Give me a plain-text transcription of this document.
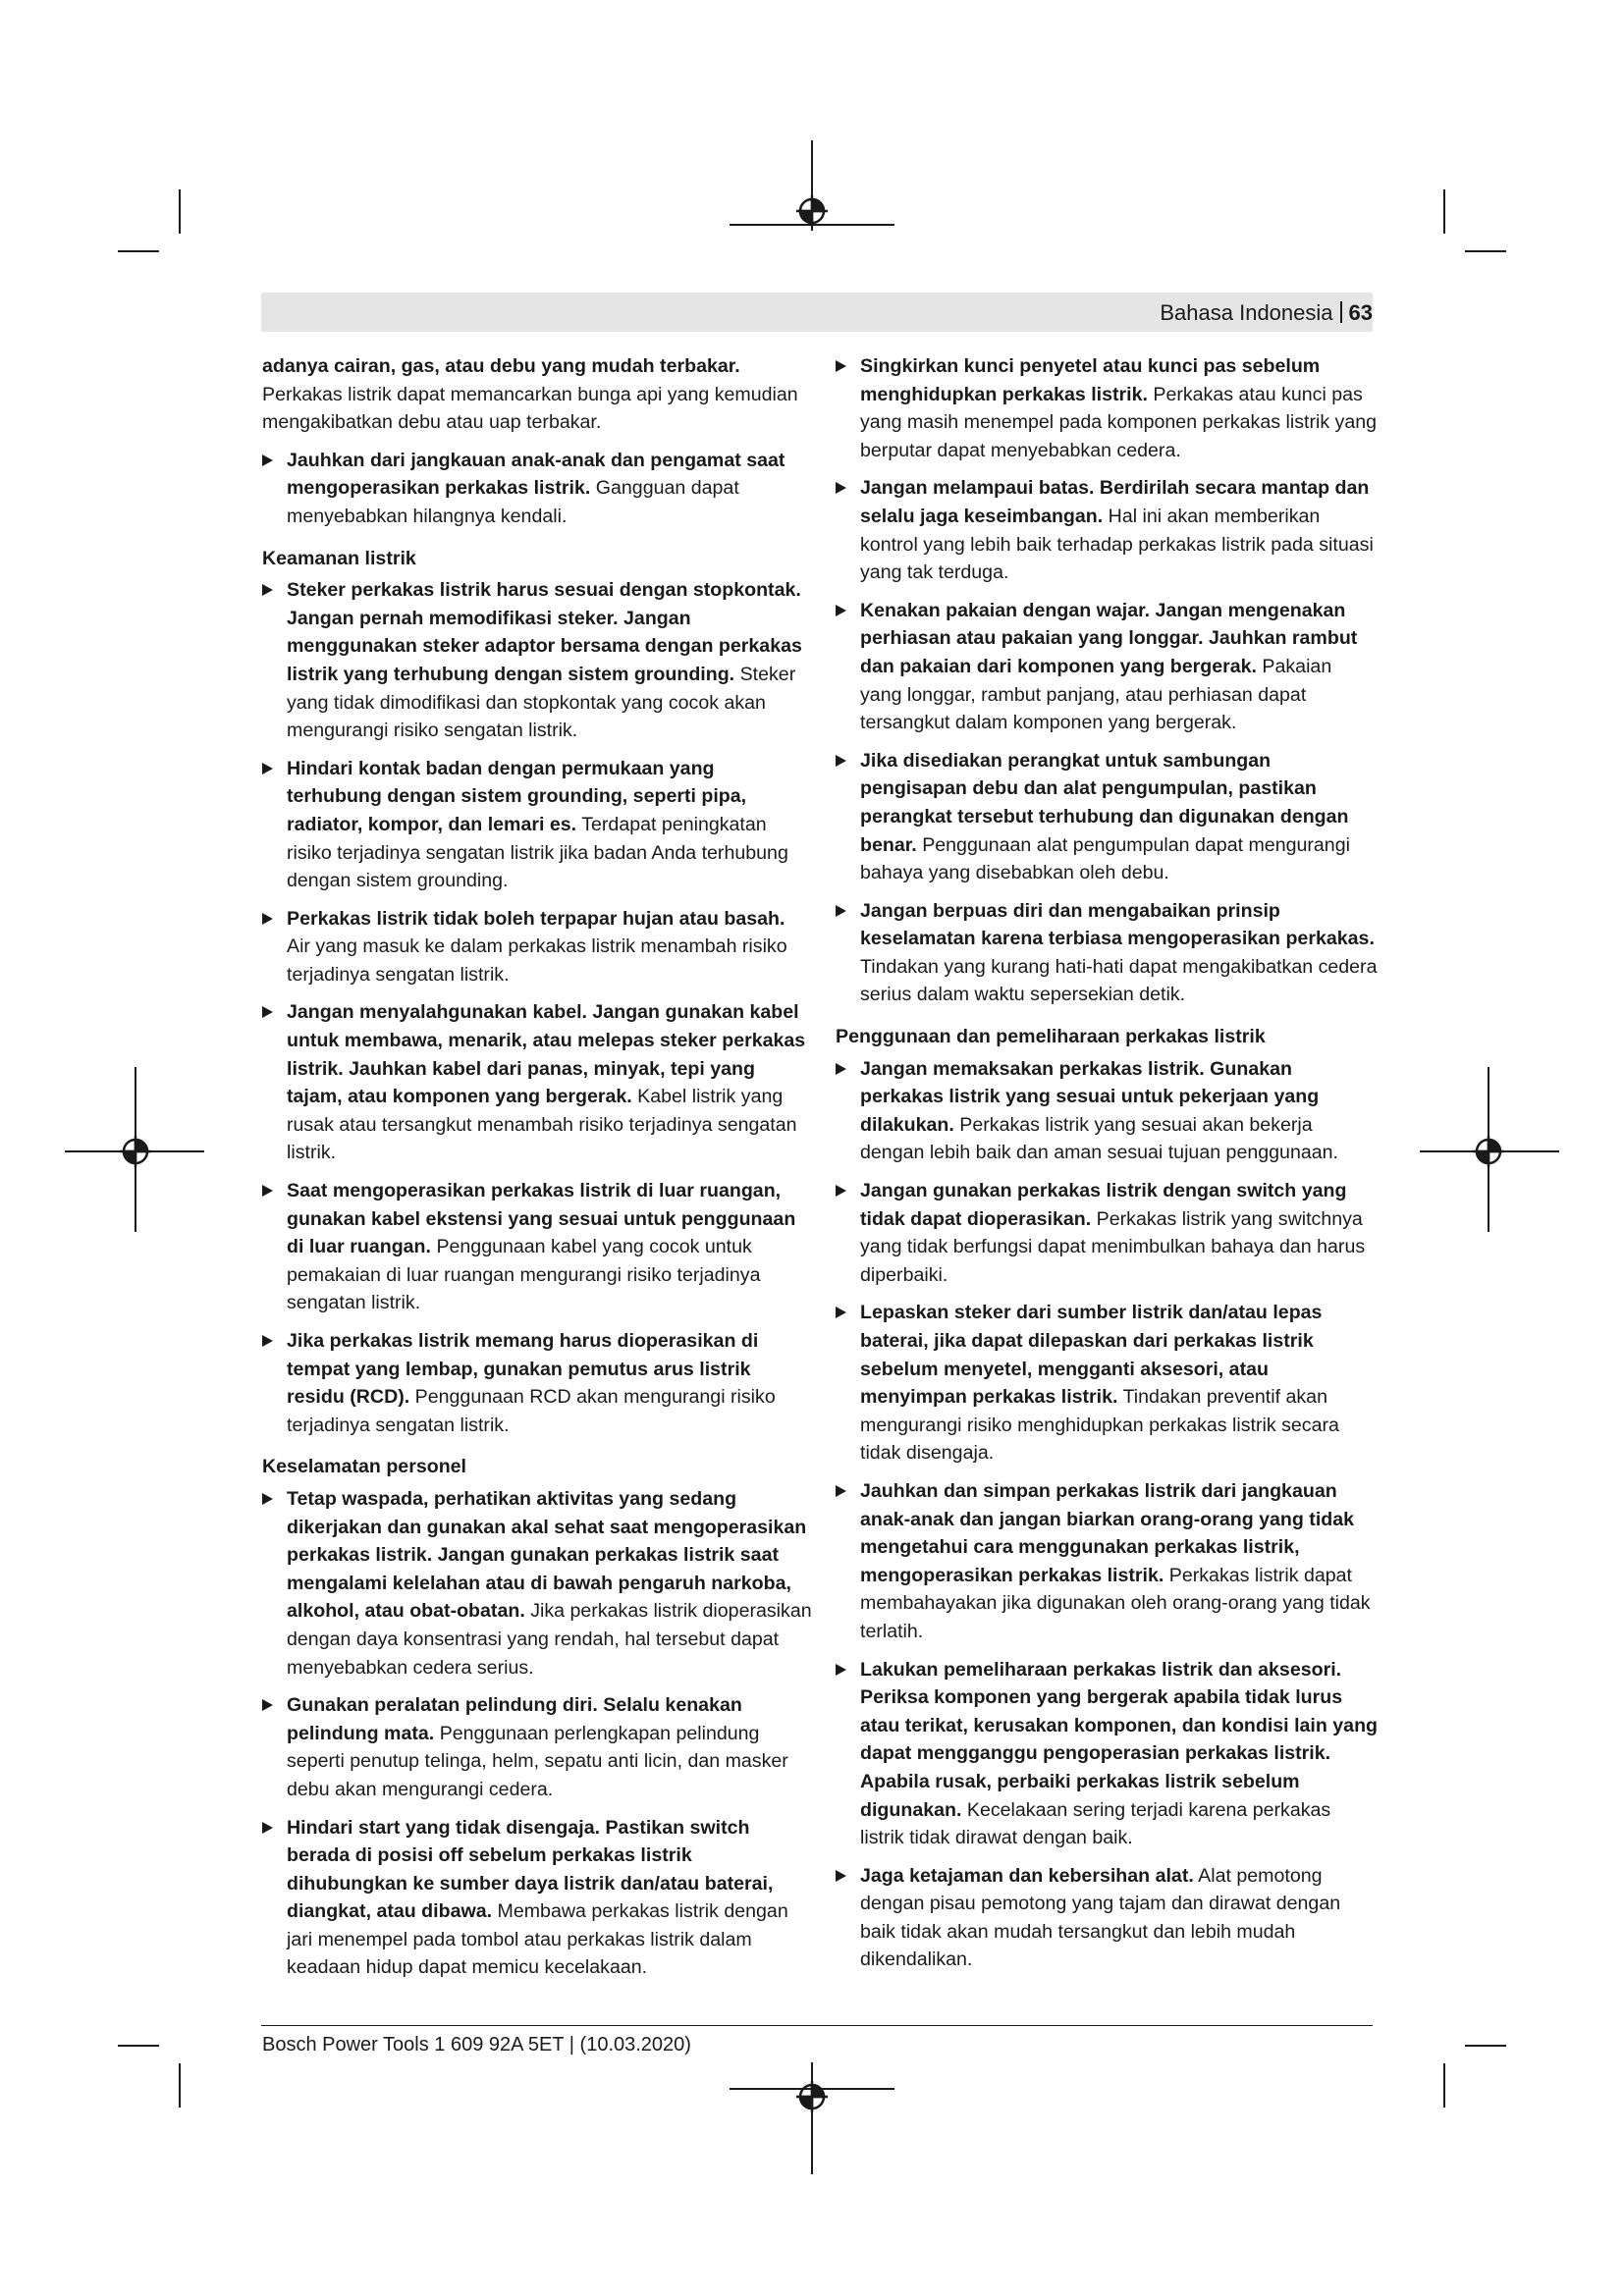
Bahasa Indonesia 63
adanya cairan, gas, atau debu yang mudah terbakar. Perkakas listrik dapat memancarkan bunga api yang kemudian mengakibatkan debu atau uap terbakar.
Jauhkan dari jangkauan anak-anak dan pengamat saat mengoperasikan perkakas listrik. Gangguan dapat menyebabkan hilangnya kendali.
Keamanan listrik
Steker perkakas listrik harus sesuai dengan stopkontak. Jangan pernah memodifikasi steker. Jangan menggunakan steker adaptor bersama dengan perkakas listrik yang terhubung dengan sistem grounding. Steker yang tidak dimodifikasi dan stopkontak yang cocok akan mengurangi risiko sengatan listrik.
Hindari kontak badan dengan permukaan yang terhubung dengan sistem grounding, seperti pipa, radiator, kompor, dan lemari es. Terdapat peningkatan risiko terjadinya sengatan listrik jika badan Anda terhubung dengan sistem grounding.
Perkakas listrik tidak boleh terpapar hujan atau basah. Air yang masuk ke dalam perkakas listrik menambah risiko terjadinya sengatan listrik.
Jangan menyalahgunakan kabel. Jangan gunakan kabel untuk membawa, menarik, atau melepas steker perkakas listrik. Jauhkan kabel dari panas, minyak, tepi yang tajam, atau komponen yang bergerak. Kabel listrik yang rusak atau tersangkut menambah risiko terjadinya sengatan listrik.
Saat mengoperasikan perkakas listrik di luar ruangan, gunakan kabel ekstensi yang sesuai untuk penggunaan di luar ruangan. Penggunaan kabel yang cocok untuk pemakaian di luar ruangan mengurangi risiko terjadinya sengatan listrik.
Jika perkakas listrik memang harus dioperasikan di tempat yang lembap, gunakan pemutus arus listrik residu (RCD). Penggunaan RCD akan mengurangi risiko terjadinya sengatan listrik.
Keselamatan personel
Tetap waspada, perhatikan aktivitas yang sedang dikerjakan dan gunakan akal sehat saat mengoperasikan perkakas listrik. Jangan gunakan perkakas listrik saat mengalami kelelahan atau di bawah pengaruh narkoba, alkohol, atau obat-obatan. Jika perkakas listrik dioperasikan dengan daya konsentrasi yang rendah, hal tersebut dapat menyebabkan cedera serius.
Gunakan peralatan pelindung diri. Selalu kenakan pelindung mata. Penggunaan perlengkapan pelindung seperti penutup telinga, helm, sepatu anti licin, dan masker debu akan mengurangi cedera.
Hindari start yang tidak disengaja. Pastikan switch berada di posisi off sebelum perkakas listrik dihubungkan ke sumber daya listrik dan/atau baterai, diangkat, atau dibawa. Membawa perkakas listrik dengan jari menempel pada tombol atau perkakas listrik dalam keadaan hidup dapat memicu kecelakaan.
Singkirkan kunci penyetel atau kunci pas sebelum menghidupkan perkakas listrik. Perkakas atau kunci pas yang masih menempel pada komponen perkakas listrik yang berputar dapat menyebabkan cedera.
Jangan melampaui batas. Berdirilah secara mantap dan selalu jaga keseimbangan. Hal ini akan memberikan kontrol yang lebih baik terhadap perkakas listrik pada situasi yang tak terduga.
Kenakan pakaian dengan wajar. Jangan mengenakan perhiasan atau pakaian yang longgar. Jauhkan rambut dan pakaian dari komponen yang bergerak. Pakaian yang longgar, rambut panjang, atau perhiasan dapat tersangkut dalam komponen yang bergerak.
Jika disediakan perangkat untuk sambungan pengisapan debu dan alat pengumpulan, pastikan perangkat tersebut terhubung dan digunakan dengan benar. Penggunaan alat pengumpulan dapat mengurangi bahaya yang disebabkan oleh debu.
Jangan berpuas diri dan mengabaikan prinsip keselamatan karena terbiasa mengoperasikan perkakas. Tindakan yang kurang hati-hati dapat mengakibatkan cedera serius dalam waktu sepersekian detik.
Penggunaan dan pemeliharaan perkakas listrik
Jangan memaksakan perkakas listrik. Gunakan perkakas listrik yang sesuai untuk pekerjaan yang dilakukan. Perkakas listrik yang sesuai akan bekerja dengan lebih baik dan aman sesuai tujuan penggunaan.
Jangan gunakan perkakas listrik dengan switch yang tidak dapat dioperasikan. Perkakas listrik yang switchnya yang tidak berfungsi dapat menimbulkan bahaya dan harus diperbaiki.
Lepaskan steker dari sumber listrik dan/atau lepas baterai, jika dapat dilepaskan dari perkakas listrik sebelum menyetel, mengganti aksesori, atau menyimpan perkakas listrik. Tindakan preventif akan mengurangi risiko menghidupkan perkakas listrik secara tidak disengaja.
Jauhkan dan simpan perkakas listrik dari jangkauan anak-anak dan jangan biarkan orang-orang yang tidak mengetahui cara menggunakan perkakas listrik, mengoperasikan perkakas listrik. Perkakas listrik dapat membahayakan jika digunakan oleh orang-orang yang tidak terlatih.
Lakukan pemeliharaan perkakas listrik dan aksesori. Periksa komponen yang bergerak apabila tidak lurus atau terikat, kerusakan komponen, dan kondisi lain yang dapat mengganggu pengoperasian perkakas listrik. Apabila rusak, perbaiki perkakas listrik sebelum digunakan. Kecelakaan sering terjadi karena perkakas listrik tidak dirawat dengan baik.
Jaga ketajaman dan kebersihan alat. Alat pemotong dengan pisau pemotong yang tajam dan dirawat dengan baik tidak akan mudah tersangkut dan lebih mudah dikendalikan.
Bosch Power Tools 1 609 92A 5ET | (10.03.2020)
